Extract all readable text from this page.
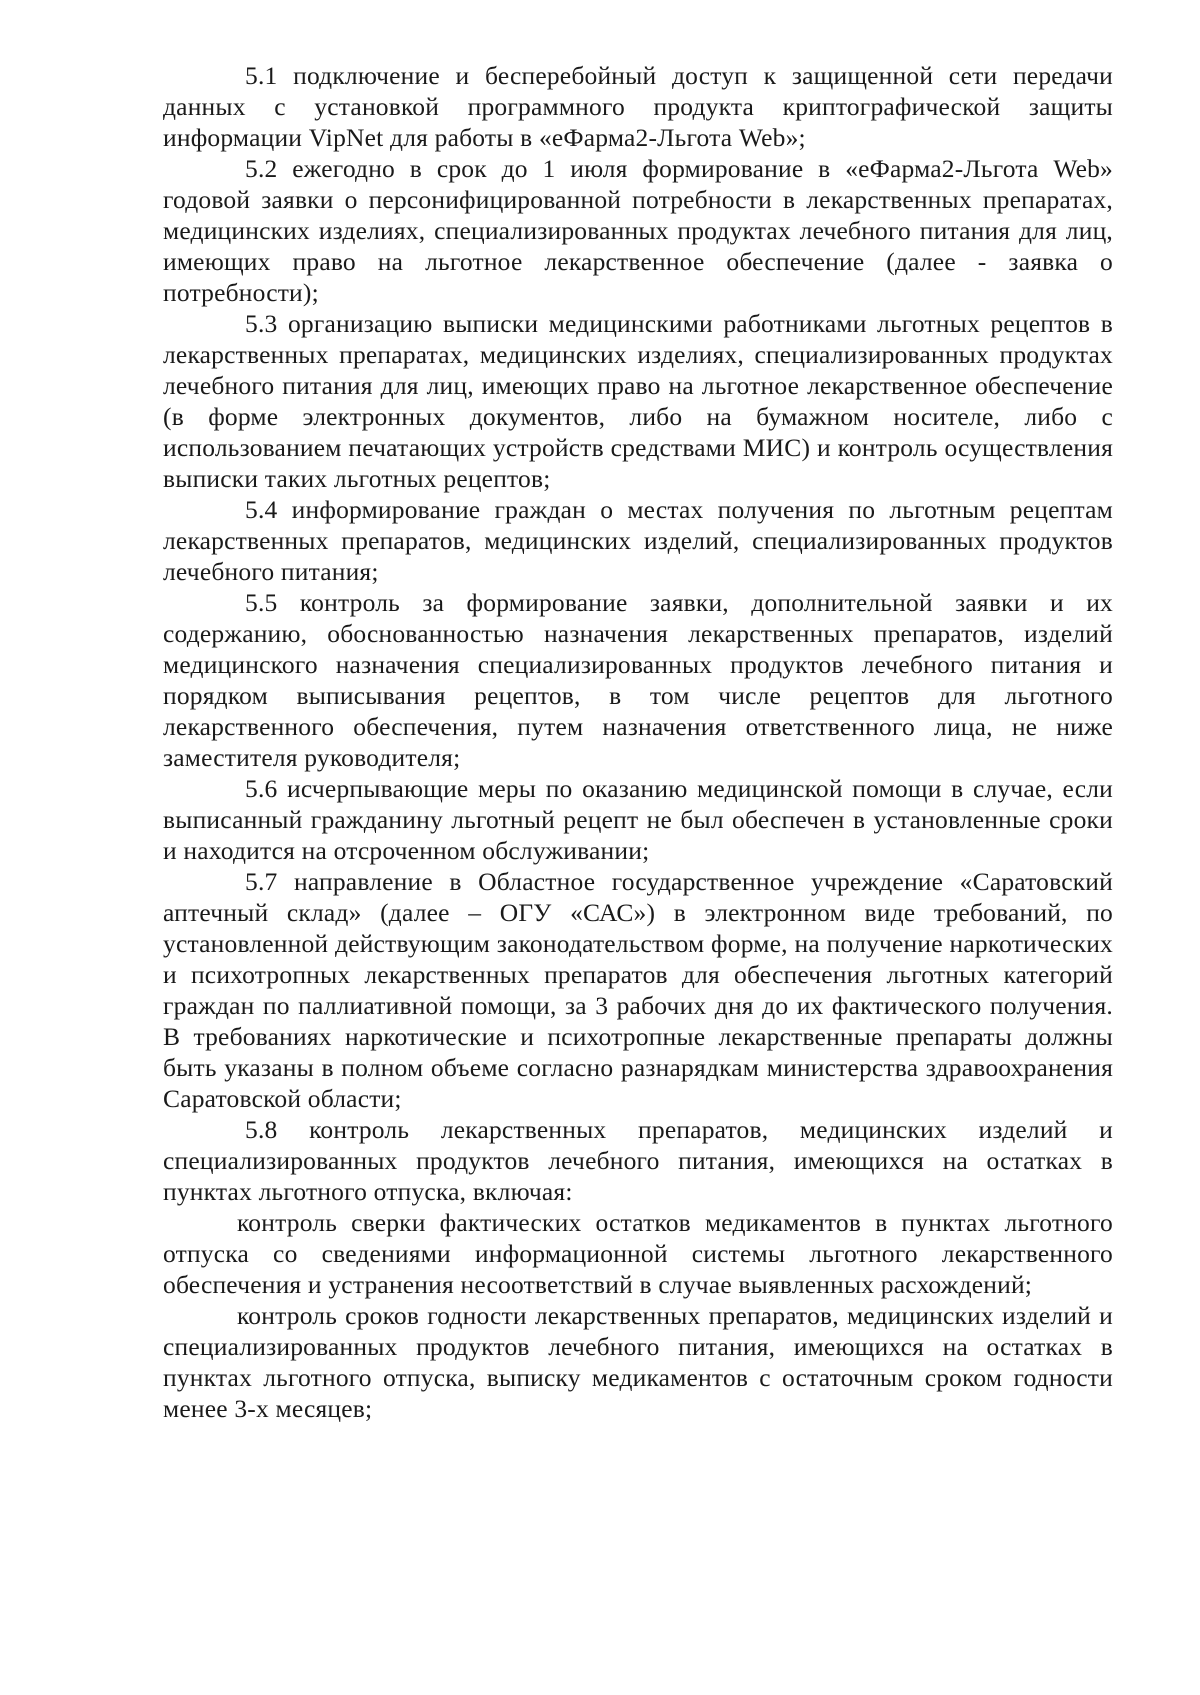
5.1 подключение и бесперебойный доступ к защищенной сети передачи данных с установкой программного продукта криптографической защиты информации VipNet для работы в «еФарма2-Льгота Web»;

5.2 ежегодно в срок до 1 июля формирование в «еФарма2-Льгота Web» годовой заявки о персонифицированной потребности в лекарственных препаратах, медицинских изделиях, специализированных продуктах лечебного питания для лиц, имеющих право на льготное лекарственное обеспечение (далее - заявка о потребности);

5.3 организацию выписки медицинскими работниками льготных рецептов в лекарственных препаратах, медицинских изделиях, специализированных продуктах лечебного питания для лиц, имеющих право на льготное лекарственное обеспечение (в форме электронных документов, либо на бумажном носителе, либо с использованием печатающих устройств средствами МИС) и контроль осуществления выписки таких льготных рецептов;

5.4 информирование граждан о местах получения по льготным рецептам лекарственных препаратов, медицинских изделий, специализированных продуктов лечебного питания;

5.5 контроль за формирование заявки, дополнительной заявки и их содержанию, обоснованностью назначения лекарственных препаратов, изделий медицинского назначения специализированных продуктов лечебного питания и порядком выписывания рецептов, в том числе рецептов для льготного лекарственного обеспечения, путем назначения ответственного лица, не ниже заместителя руководителя;

5.6 исчерпывающие меры по оказанию медицинской помощи в случае, если выписанный гражданину льготный рецепт не был обеспечен в установленные сроки и находится на отсроченном обслуживании;

5.7 направление в Областное государственное учреждение «Саратовский аптечный склад» (далее – ОГУ «САС») в электронном виде требований, по установленной действующим законодательством форме, на получение наркотических и психотропных лекарственных препаратов для обеспечения льготных категорий граждан по паллиативной помощи, за 3 рабочих дня до их фактического получения. В требованиях наркотические и психотропные лекарственные препараты должны быть указаны в полном объеме согласно разнарядкам министерства здравоохранения Саратовской области;

5.8 контроль лекарственных препаратов, медицинских изделий и специализированных продуктов лечебного питания, имеющихся на остатках в пунктах льготного отпуска, включая:

контроль сверки фактических остатков медикаментов в пунктах льготного отпуска со сведениями информационной системы льготного лекарственного обеспечения и устранения несоответствий в случае выявленных расхождений;

контроль сроков годности лекарственных препаратов, медицинских изделий и специализированных продуктов лечебного питания, имеющихся на остатках в пунктах льготного отпуска, выписку медикаментов с остаточным сроком годности менее 3-х месяцев;
